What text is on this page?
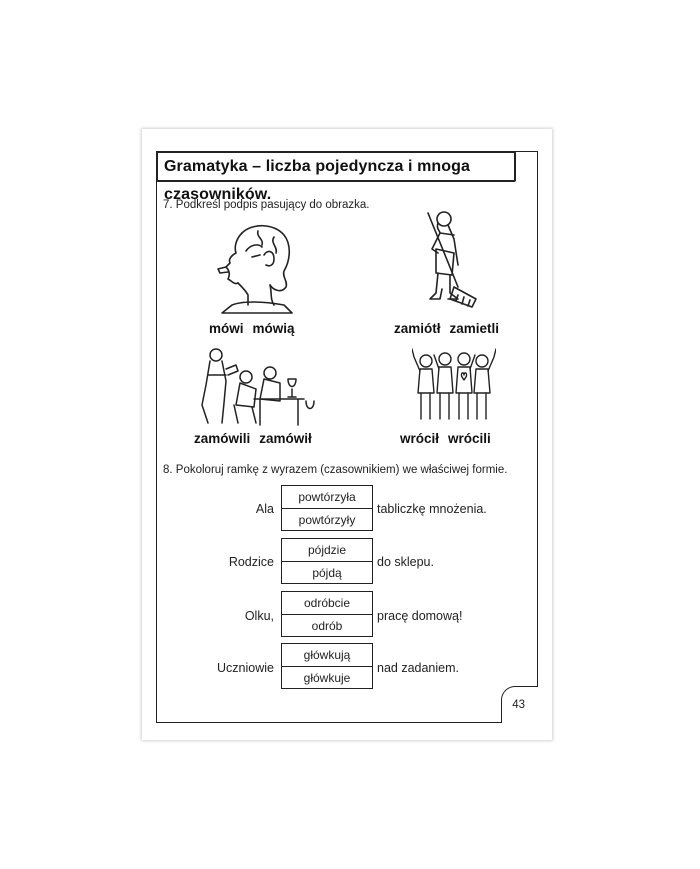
43
Gramatyka – liczba pojedyncza i mnoga czasowników.
7. Podkreśl podpis pasujący do obrazka.
mówi mówią	zamiótł zamietli
zamówili zamówił	wrócił wrócili
8. Pokoloruj ramkę z wyrazem (czasownikiem) we właściwej formie.
Ala
powtórzyła
powtórzyły
tabliczkę mnożenia.
Rodzice
pójdzie
pójdą
do sklepu.
Olku,
odróbcie
odrób
pracę domową!
Uczniowie
główkują
główkuje
nad zadaniem.
